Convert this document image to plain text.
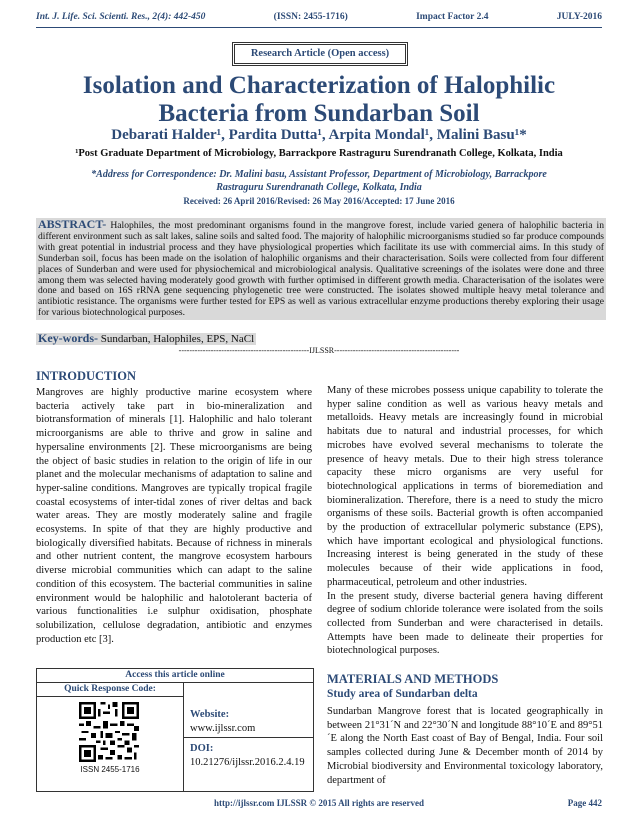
Int. J. Life. Sci. Scienti. Res., 2(4): 442-450	(ISSN: 2455-1716)	Impact Factor 2.4	JULY-2016
Research Article (Open access)
Isolation and Characterization of Halophilic
Bacteria from Sundarban Soil
Debarati Halder¹, Pardita Dutta¹, Arpita Mondal¹, Malini Basu¹*
¹Post Graduate Department of Microbiology, Barrackpore Rastraguru Surendranath College, Kolkata, India
*Address for Correspondence: Dr. Malini basu, Assistant Professor, Department of Microbiology, Barrackpore
Rastraguru Surendranath College, Kolkata, India
Received: 26 April 2016/Revised: 26 May 2016/Accepted: 17 June 2016
ABSTRACT- Halophiles, the most predominant organisms found in the mangrove forest, include varied genera of halophilic bacteria in different environment such as salt lakes, saline soils and salted food. The majority of halophilic microorganisms studied so far produce compounds with great potential in industrial process and they have physiological properties which facilitate its use with commercial aims. In this study of Sunderban soil, focus has been made on the isolation of halophilic organisms and their characterisation. Soils were collected from four different places of Sunderban and were used for physiochemical and microbiological analysis. Qualitative screenings of the isolates were done and three among them was selected having moderately good growth with further optimised in different growth media. Characterisation of the isolates were done and based on 16S rRNA gene sequencing phylogenetic tree were constructed. The isolates showed multiple heavy metal tolerance and antibiotic resistance. The organisms were further tested for EPS as well as various extracellular enzyme productions thereby exploring their usage for various biotechnological purposes.
Key-words- Sundarban, Halophiles, EPS, NaCl
-------------------------------------------------IJLSSR-----------------------------------------------
INTRODUCTION
Mangroves are highly productive marine ecosystem where bacteria actively take part in bio-mineralization and biotransformation of minerals [1]. Halophilic and halo tolerant microorganisms are able to thrive and grow in saline and hypersaline environments [2]. These microorganisms are being the object of basic studies in relation to the origin of life in our planet and the molecular mechanisms of adaptation to saline and hyper-saline conditions. Mangroves are typically tropical fragile coastal ecosystems of inter-tidal zones of river deltas and back water areas. They are mostly moderately saline and fragile ecosystems. In spite of that they are highly productive and biologically diversified habitats. Because of richness in minerals and other nutrient content, the mangrove ecosystem harbours diverse microbial communities which can adapt to the saline condition of this ecosystem. The bacterial communities in saline environment would be halophilic and halotolerant bacteria of various functionalities i.e sulphur oxidisation, phosphate solubilization, cellulose degradation, antibiotic and enzymes production etc [3].
Many of these microbes possess unique capability to tolerate the hyper saline condition as well as various heavy metals and metalloids. Heavy metals are increasingly found in microbial habitats due to natural and industrial processes, for which microbes have evolved several mechanisms to tolerate the presence of heavy metals. Due to their high stress tolerance capacity these micro organisms are very useful for biotechnological applications in terms of bioremediation and biomineralization. Therefore, there is a need to study the micro organisms of these soils. Bacterial growth is often accompanied by the production of extracellular polymeric substance (EPS), which have important ecological and physiological functions. Increasing interest is being generated in the study of these molecules because of their wide applications in food, pharmaceutical, petroleum and other industries.
In the present study, diverse bacterial genera having different degree of sodium chloride tolerance were isolated from the soils collected from Sunderban and were characterised in details. Attempts have been made to delineate their properties for biotechnological purposes.
MATERIALS AND METHODS
Study area of Sundarban delta
Sundarban Mangrove forest that is located geographically in between 21°31´N and 22°30´N and longitude 88°10´E and 89°51´E along the North East coast of Bay of Bengal, India. Four soil samples collected during June & December month of 2014 by Microbial biodiversity and Environmental toxicology laboratory, department of
Access this article online
Quick Response Code:
ISSN 2455-1716
Website:
www.ijlssr.com
DOI:
10.21276/ijlssr.2016.2.4.19
http://ijlssr.com IJLSSR © 2015 All rights are reserved	Page 442
